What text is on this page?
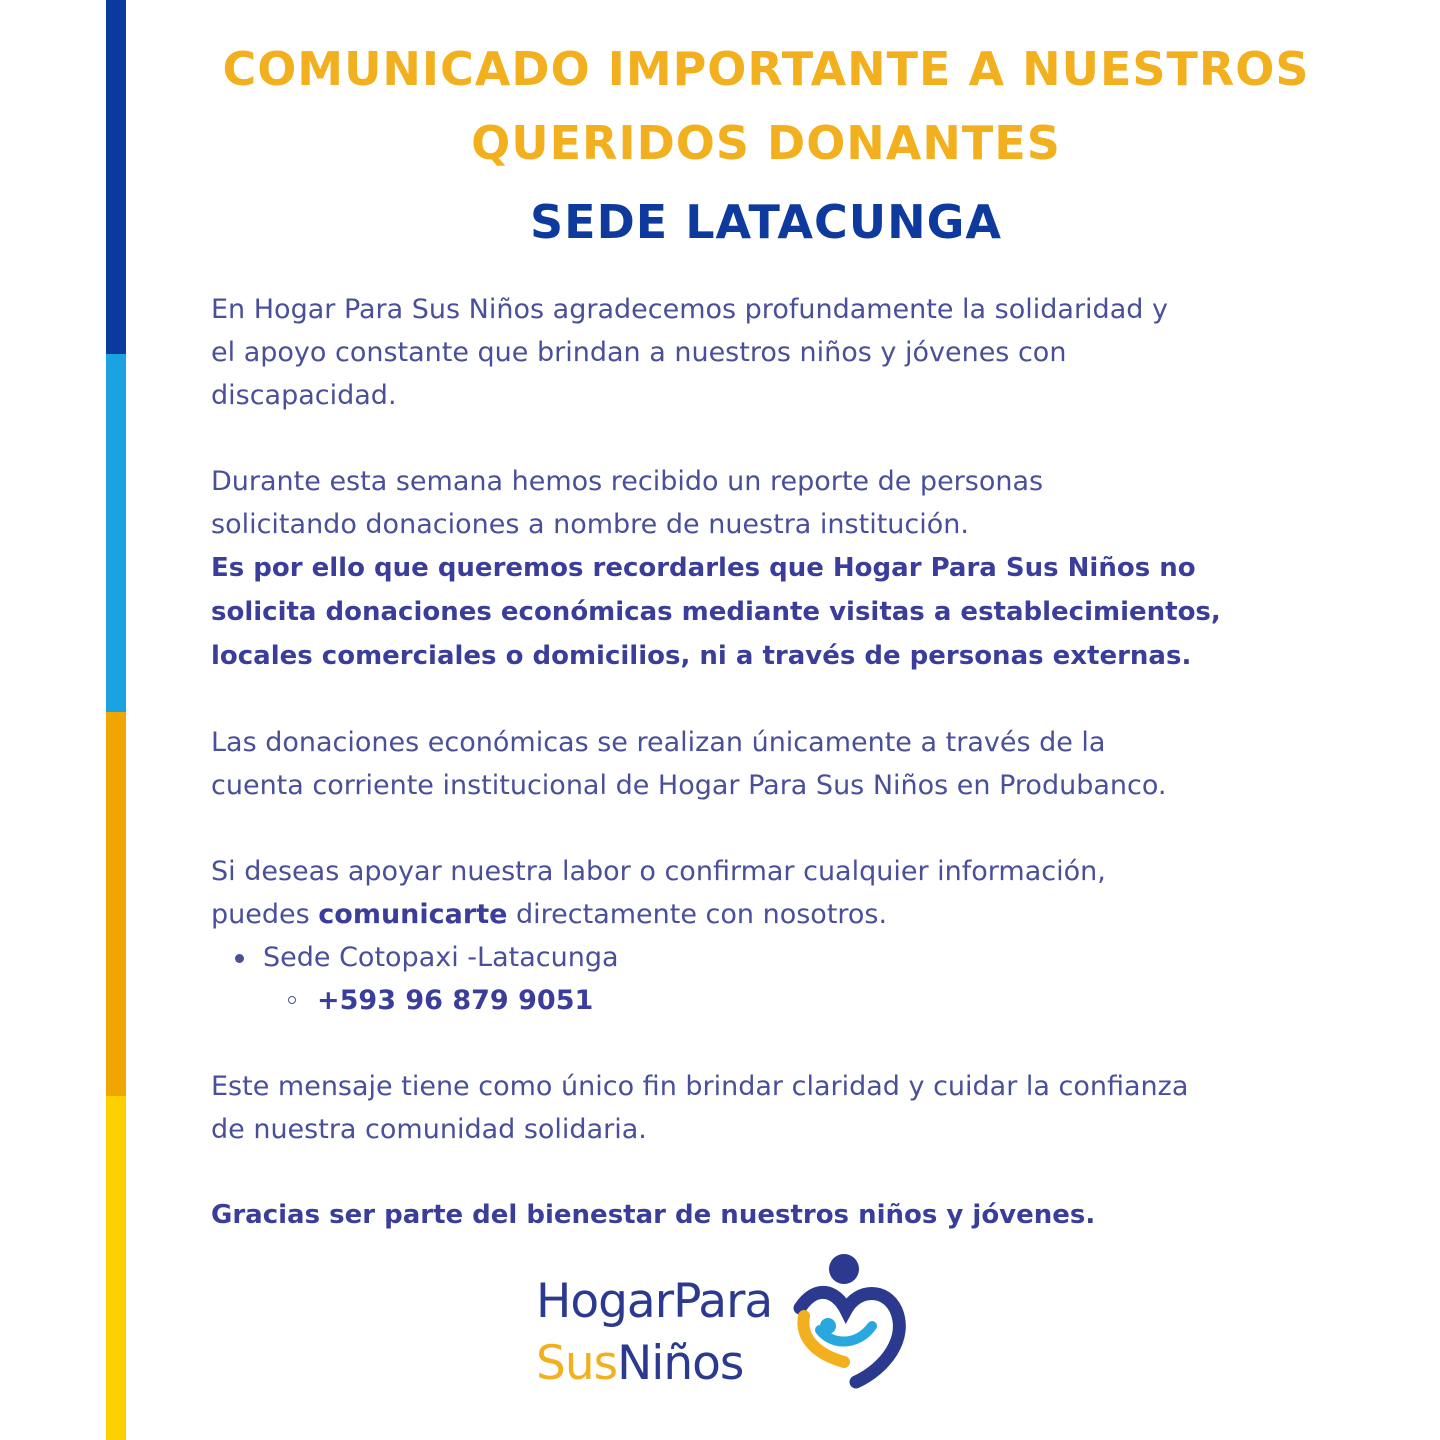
COMUNICADO IMPORTANTE A NUESTROS
QUERIDOS DONANTES
SEDE LATACUNGA

En Hogar Para Sus Niños agradecemos profundamente la solidaridad y
el apoyo constante que brindan a nuestros niños y jóvenes con
discapacidad.

Durante esta semana hemos recibido un reporte de personas
solicitando donaciones a nombre de nuestra institución.
Es por ello que queremos recordarles que Hogar Para Sus Niños no
solicita donaciones económicas mediante visitas a establecimientos,
locales comerciales o domicilios, ni a través de personas externas.

Las donaciones económicas se realizan únicamente a través de la
cuenta corriente institucional de Hogar Para Sus Niños en Produbanco.

Si deseas apoyar nuestra labor o confirmar cualquier información,
puedes comunicarte directamente con nosotros.

Sede Cotopaxi -Latacunga
+593 96 879 9051

Este mensaje tiene como único fin brindar claridad y cuidar la confianza
de nuestra comunidad solidaria.

Gracias ser parte del bienestar de nuestros niños y jóvenes.

HogarPara
SusNiños
